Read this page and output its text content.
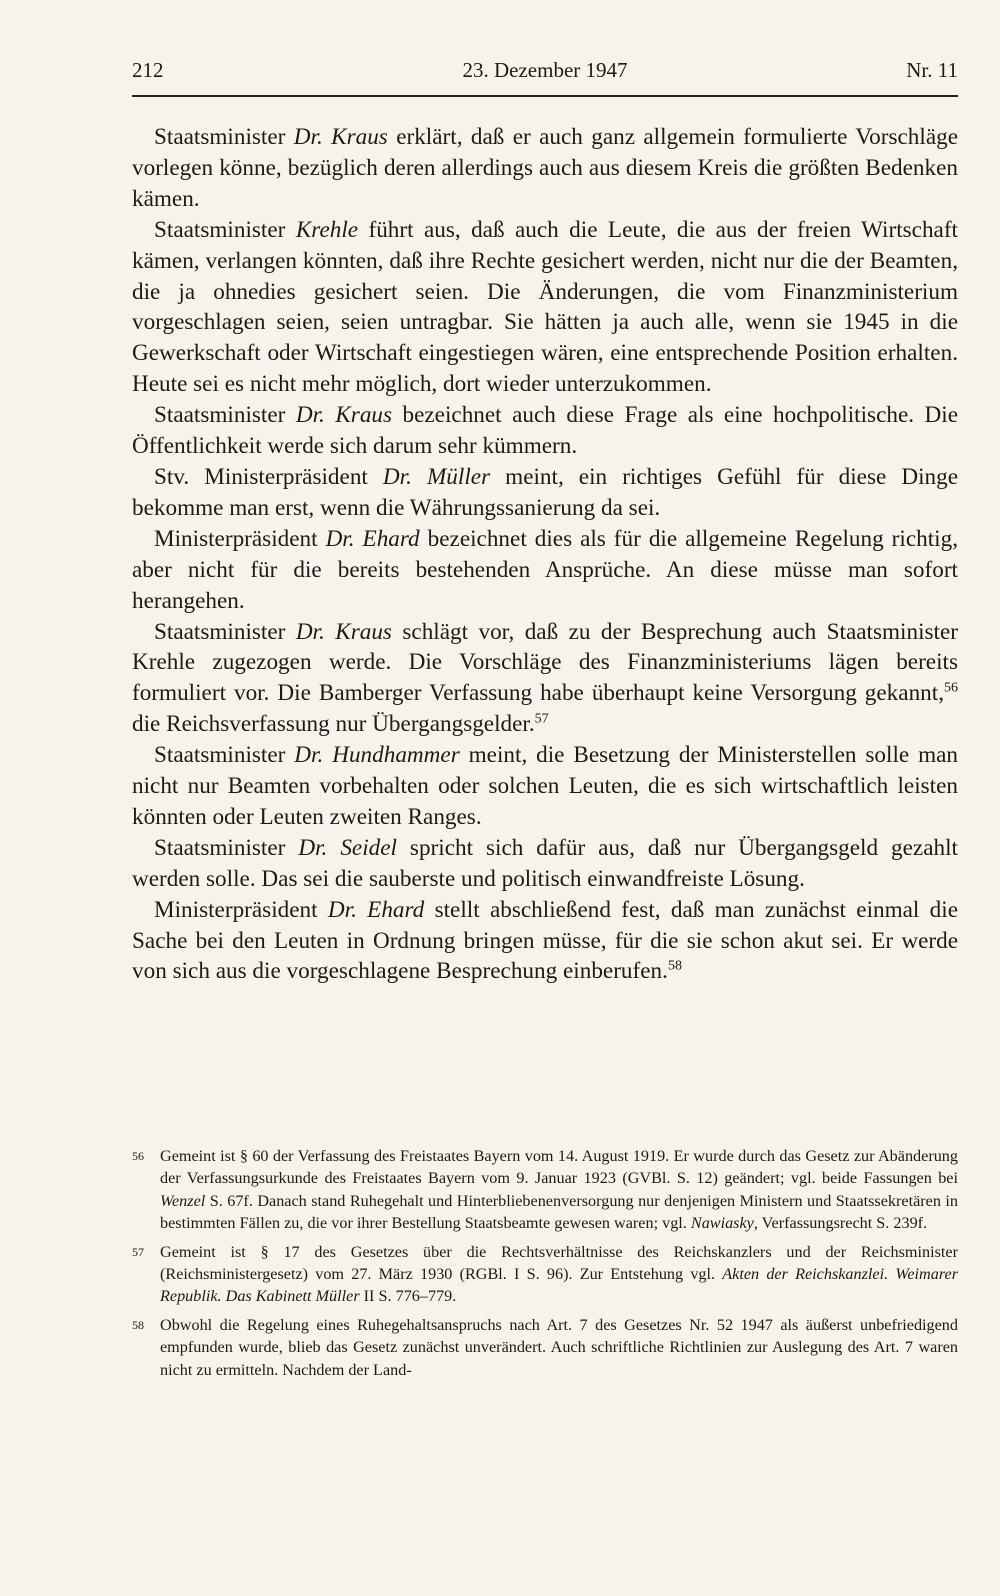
212	23. Dezember 1947	Nr. 11

Staatsminister Dr. Kraus erklärt, daß er auch ganz allgemein formulierte Vorschläge vorlegen könne, bezüglich deren allerdings auch aus diesem Kreis die größten Bedenken kämen.

Staatsminister Krehle führt aus, daß auch die Leute, die aus der freien Wirtschaft kämen, verlangen könnten, daß ihre Rechte gesichert werden, nicht nur die der Beamten, die ja ohnedies gesichert seien. Die Änderungen, die vom Finanzministerium vorgeschlagen seien, seien untragbar. Sie hätten ja auch alle, wenn sie 1945 in die Gewerkschaft oder Wirtschaft eingestiegen wären, eine entsprechende Position erhalten. Heute sei es nicht mehr möglich, dort wieder unterzukommen.

Staatsminister Dr. Kraus bezeichnet auch diese Frage als eine hochpolitische. Die Öffentlichkeit werde sich darum sehr kümmern.

Stv. Ministerpräsident Dr. Müller meint, ein richtiges Gefühl für diese Dinge bekomme man erst, wenn die Währungssanierung da sei.

Ministerpräsident Dr. Ehard bezeichnet dies als für die allgemeine Regelung richtig, aber nicht für die bereits bestehenden Ansprüche. An diese müsse man sofort herangehen.

Staatsminister Dr. Kraus schlägt vor, daß zu der Besprechung auch Staatsminister Krehle zugezogen werde. Die Vorschläge des Finanzministeriums lägen bereits formuliert vor. Die Bamberger Verfassung habe überhaupt keine Versorgung gekannt,$^{56}$ die Reichsverfassung nur Übergangsgelder.$^{57}$

Staatsminister Dr. Hundhammer meint, die Besetzung der Ministerstellen solle man nicht nur Beamten vorbehalten oder solchen Leuten, die es sich wirtschaftlich leisten könnten oder Leuten zweiten Ranges.

Staatsminister Dr. Seidel spricht sich dafür aus, daß nur Übergangsgeld gezahlt werden solle. Das sei die sauberste und politisch einwandfreiste Lösung.

Ministerpräsident Dr. Ehard stellt abschließend fest, daß man zunächst einmal die Sache bei den Leuten in Ordnung bringen müsse, für die sie schon akut sei. Er werde von sich aus die vorgeschlagene Besprechung einberufen.$^{58}$

56 Gemeint ist § 60 der Verfassung des Freistaates Bayern vom 14. August 1919. Er wurde durch das Gesetz zur Abänderung der Verfassungsurkunde des Freistaates Bayern vom 9. Januar 1923 (GVBl. S. 12) geändert; vgl. beide Fassungen bei Wenzel S. 67f. Danach stand Ruhegehalt und Hinterbliebenenversorgung nur denjenigen Ministern und Staatssekretären in bestimmten Fällen zu, die vor ihrer Bestellung Staatsbeamte gewesen waren; vgl. Nawiasky, Verfassungsrecht S. 239f.
57 Gemeint ist § 17 des Gesetzes über die Rechtsverhältnisse des Reichskanzlers und der Reichsminister (Reichsministergesetz) vom 27. März 1930 (RGBl. I S. 96). Zur Entstehung vgl. Akten der Reichskanzlei. Weimarer Republik. Das Kabinett Müller II S. 776–779.
58 Obwohl die Regelung eines Ruhegehaltsanspruchs nach Art. 7 des Gesetzes Nr. 52 1947 als äußerst unbefriedigend empfunden wurde, blieb das Gesetz zunächst unverändert. Auch schriftliche Richtlinien zur Auslegung des Art. 7 waren nicht zu ermitteln. Nachdem der Land-
